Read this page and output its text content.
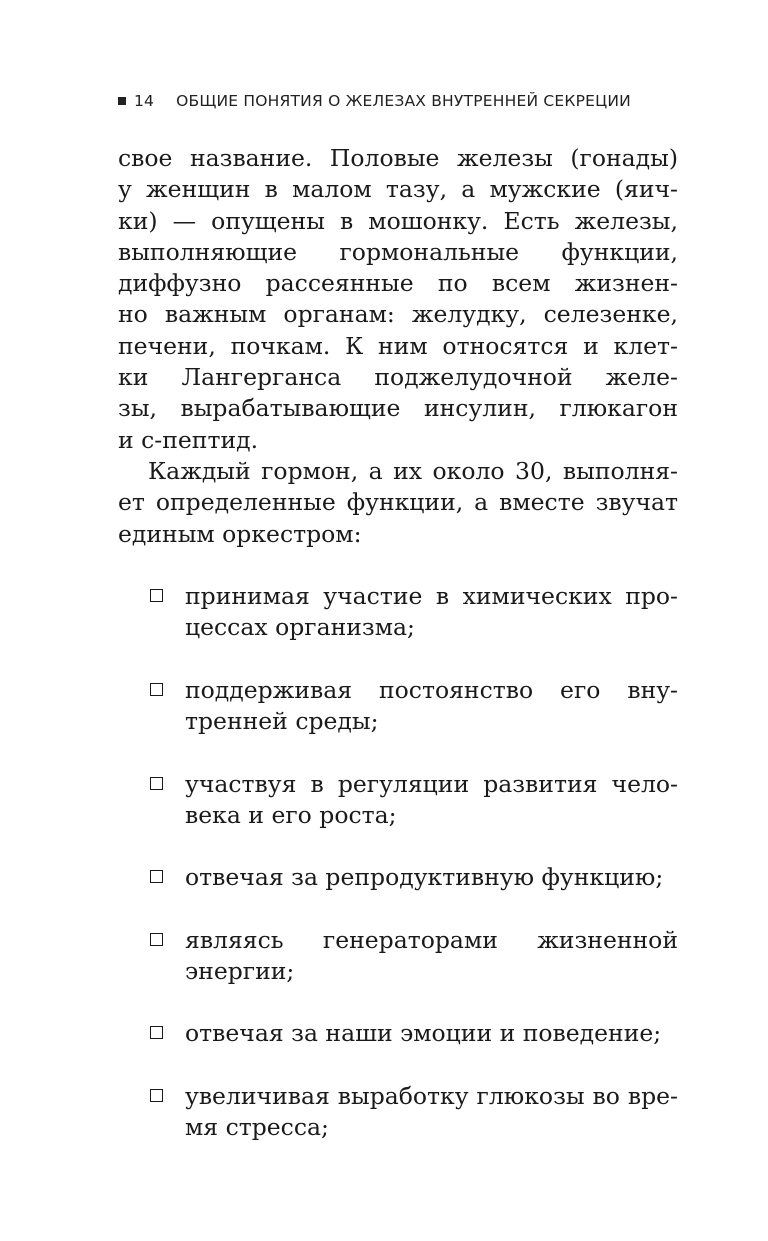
14 ОБЩИЕ ПОНЯТИЯ О ЖЕЛЕЗАХ ВНУТРЕННЕЙ СЕКРЕЦИИ
свое название. Половые железы (гонады)
у женщин в малом тазу, а мужские (яич-
ки) — опущены в мошонку. Есть железы,
выполняющие гормональные функции,
диффузно рассеянные по всем жизнен-
но важным органам: желудку, селезенке,
печени, почкам. К ним относятся и клет-
ки Лангерганса поджелудочной желе-
зы, вырабатывающие инсулин, глюкагон
и с-пептид.
Каждый гормон, а их около 30, выполня-
ет определенные функции, а вместе звучат
единым оркестром:
принимая участие в химических про-
цессах организма;
поддерживая постоянство его вну-
тренней среды;
участвуя в регуляции развития чело-
века и его роста;
отвечая за репродуктивную функцию;
являясь генераторами жизненной
энергии;
отвечая за наши эмоции и поведение;
увеличивая выработку глюкозы во вре-
мя стресса;
